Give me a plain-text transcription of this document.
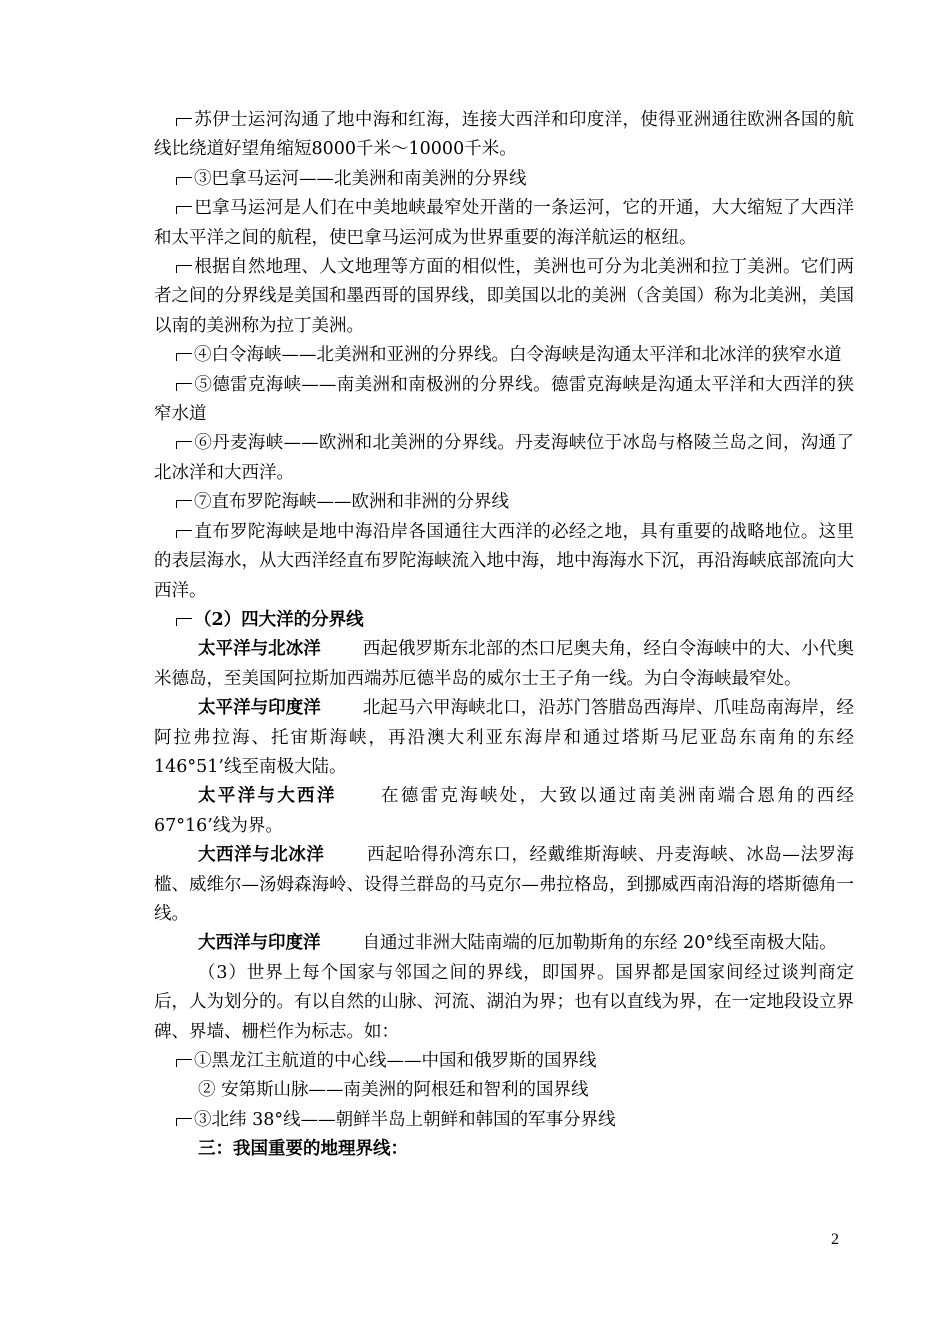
苏伊士运河沟通了地中海和红海，连接大西洋和印度洋，使得亚洲通往欧洲各国的航线比绕道好望角缩短8000千米～10000千米。

③巴拿马运河——北美洲和南美洲的分界线

巴拿马运河是人们在中美地峡最窄处开凿的一条运河，它的开通，大大缩短了大西洋和太平洋之间的航程，使巴拿马运河成为世界重要的海洋航运的枢纽。

根据自然地理、人文地理等方面的相似性，美洲也可分为北美洲和拉丁美洲。它们两者之间的分界线是美国和墨西哥的国界线，即美国以北的美洲（含美国）称为北美洲，美国以南的美洲称为拉丁美洲。

④白令海峡——北美洲和亚洲的分界线。白令海峡是沟通太平洋和北冰洋的狭窄水道

⑤德雷克海峡——南美洲和南极洲的分界线。德雷克海峡是沟通太平洋和大西洋的狭窄水道

⑥丹麦海峡——欧洲和北美洲的分界线。丹麦海峡位于冰岛与格陵兰岛之间，沟通了北冰洋和大西洋。

⑦直布罗陀海峡——欧洲和非洲的分界线

直布罗陀海峡是地中海沿岸各国通往大西洋的必经之地，具有重要的战略地位。这里的表层海水，从大西洋经直布罗陀海峡流入地中海，地中海海水下沉，再沿海峡底部流向大西洋。

（2）四大洋的分界线

太平洋与北冰洋 西起俄罗斯东北部的杰口尼奥夫角，经白令海峡中的大、小代奥米德岛，至美国阿拉斯加西端苏厄德半岛的威尔士王子角一线。为白令海峡最窄处。

太平洋与印度洋 北起马六甲海峡北口，沿苏门答腊岛西海岸、爪哇岛南海岸，经阿拉弗拉海、托宙斯海峡，再沿澳大利亚东海岸和通过塔斯马尼亚岛东南角的东经 146°51’线至南极大陆。

太平洋与大西洋 在德雷克海峡处，大致以通过南美洲南端合恩角的西经 67°16’线为界。

大西洋与北冰洋 西起哈得孙湾东口，经戴维斯海峡、丹麦海峡、冰岛—法罗海槛、威维尔—汤姆森海岭、设得兰群岛的马克尔—弗拉格岛，到挪威西南沿海的塔斯德角一线。

大西洋与印度洋 自通过非洲大陆南端的厄加勒斯角的东经 20°线至南极大陆。

（3）世界上每个国家与邻国之间的界线，即国界。国界都是国家间经过谈判商定后，人为划分的。有以自然的山脉、河流、湖泊为界；也有以直线为界，在一定地段设立界碑、界墙、栅栏作为标志。如：

①黑龙江主航道的中心线——中国和俄罗斯的国界线

② 安第斯山脉——南美洲的阿根廷和智利的国界线

③北纬 38°线——朝鲜半岛上朝鲜和韩国的军事分界线

三：我国重要的地理界线：

2
